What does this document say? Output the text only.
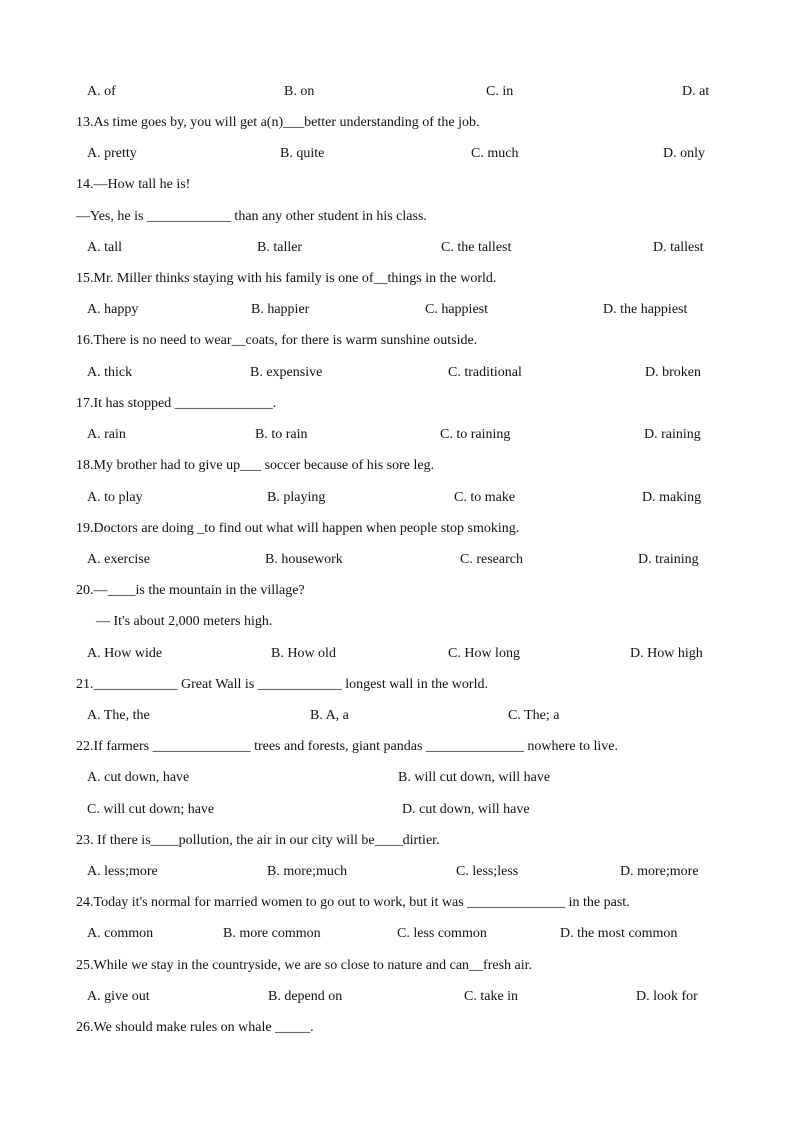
A. of	B. on	C. in	D. at
13.As time goes by, you will get a(n)___better understanding of the job.
A. pretty	B. quite	C. much	D. only
14.—How tall he is!
—Yes, he is ____________ than any other student in his class.
A. tall	B. taller	C. the tallest	D. tallest
15.Mr. Miller thinks staying with his family is one of__things in the world.
A. happy	B. happier	C. happiest	D. the happiest
16.There is no need to wear__coats, for there is warm sunshine outside.
A. thick	B. expensive	C. traditional	D. broken
17.It has stopped ______________.
A. rain	B. to rain	C. to raining	D. raining
18.My brother had to give up___ soccer because of his sore leg.
A. to play	B. playing	C. to make	D. making
19.Doctors are doing _to find out what will happen when people stop smoking.
A. exercise	B. housework	C. research	D. training
20.—____is the mountain in the village?
— It's about 2,000 meters high.
A. How wide	B. How old	C. How long	D. How high
21.____________ Great Wall is ____________ longest wall in the world.
A. The, the	B. A, a	C. The; a
22.If farmers ______________ trees and forests, giant pandas ______________ nowhere to live.
A. cut down, have	B. will cut down, will have
C. will cut down; have	D. cut down, will have
23. If there is____pollution, the air in our city will be____dirtier.
A. less;more	B. more;much	C. less;less	D. more;more
24.Today it's normal for married women to go out to work, but it was ______________ in the past.
A. common	B. more common	C. less common	D. the most common
25.While we stay in the countryside, we are so close to nature and can__fresh air.
A. give out	B. depend on	C. take in	D. look for
26.We should make rules on whale _____.
